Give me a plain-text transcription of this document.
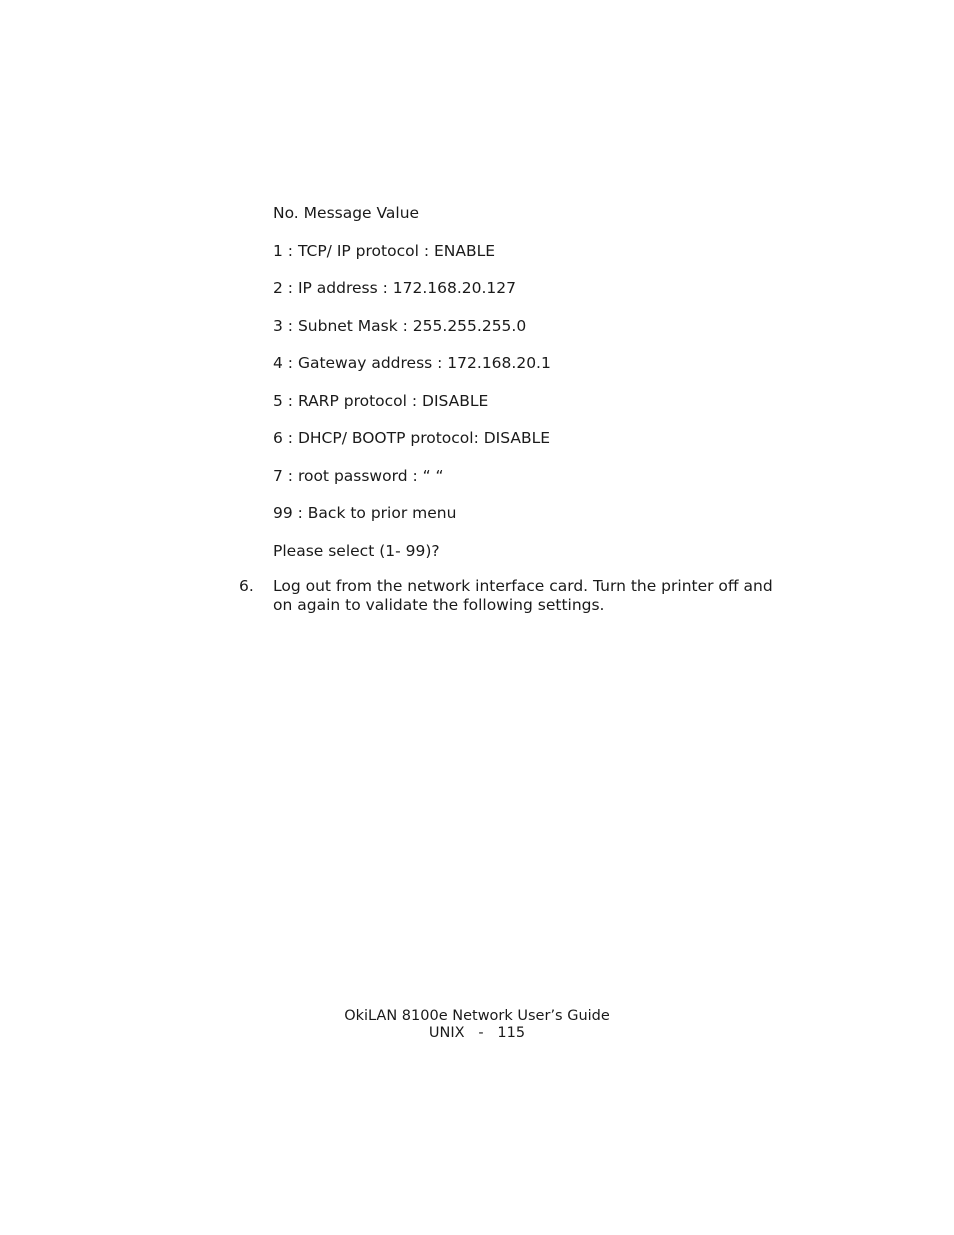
No. Message Value
1 : TCP/ IP protocol : ENABLE
2 : IP address : 172.168.20.127
3 : Subnet Mask : 255.255.255.0
4 : Gateway address : 172.168.20.1
5 : RARP protocol : DISABLE
6 : DHCP/ BOOTP protocol: DISABLE
7 : root password : “ “
99 : Back to prior menu
Please select (1- 99)?
6. Log out from the network interface card. Turn the printer off and on again to validate the following settings.
OkiLAN 8100e Network User’s Guide
UNIX   -   115
